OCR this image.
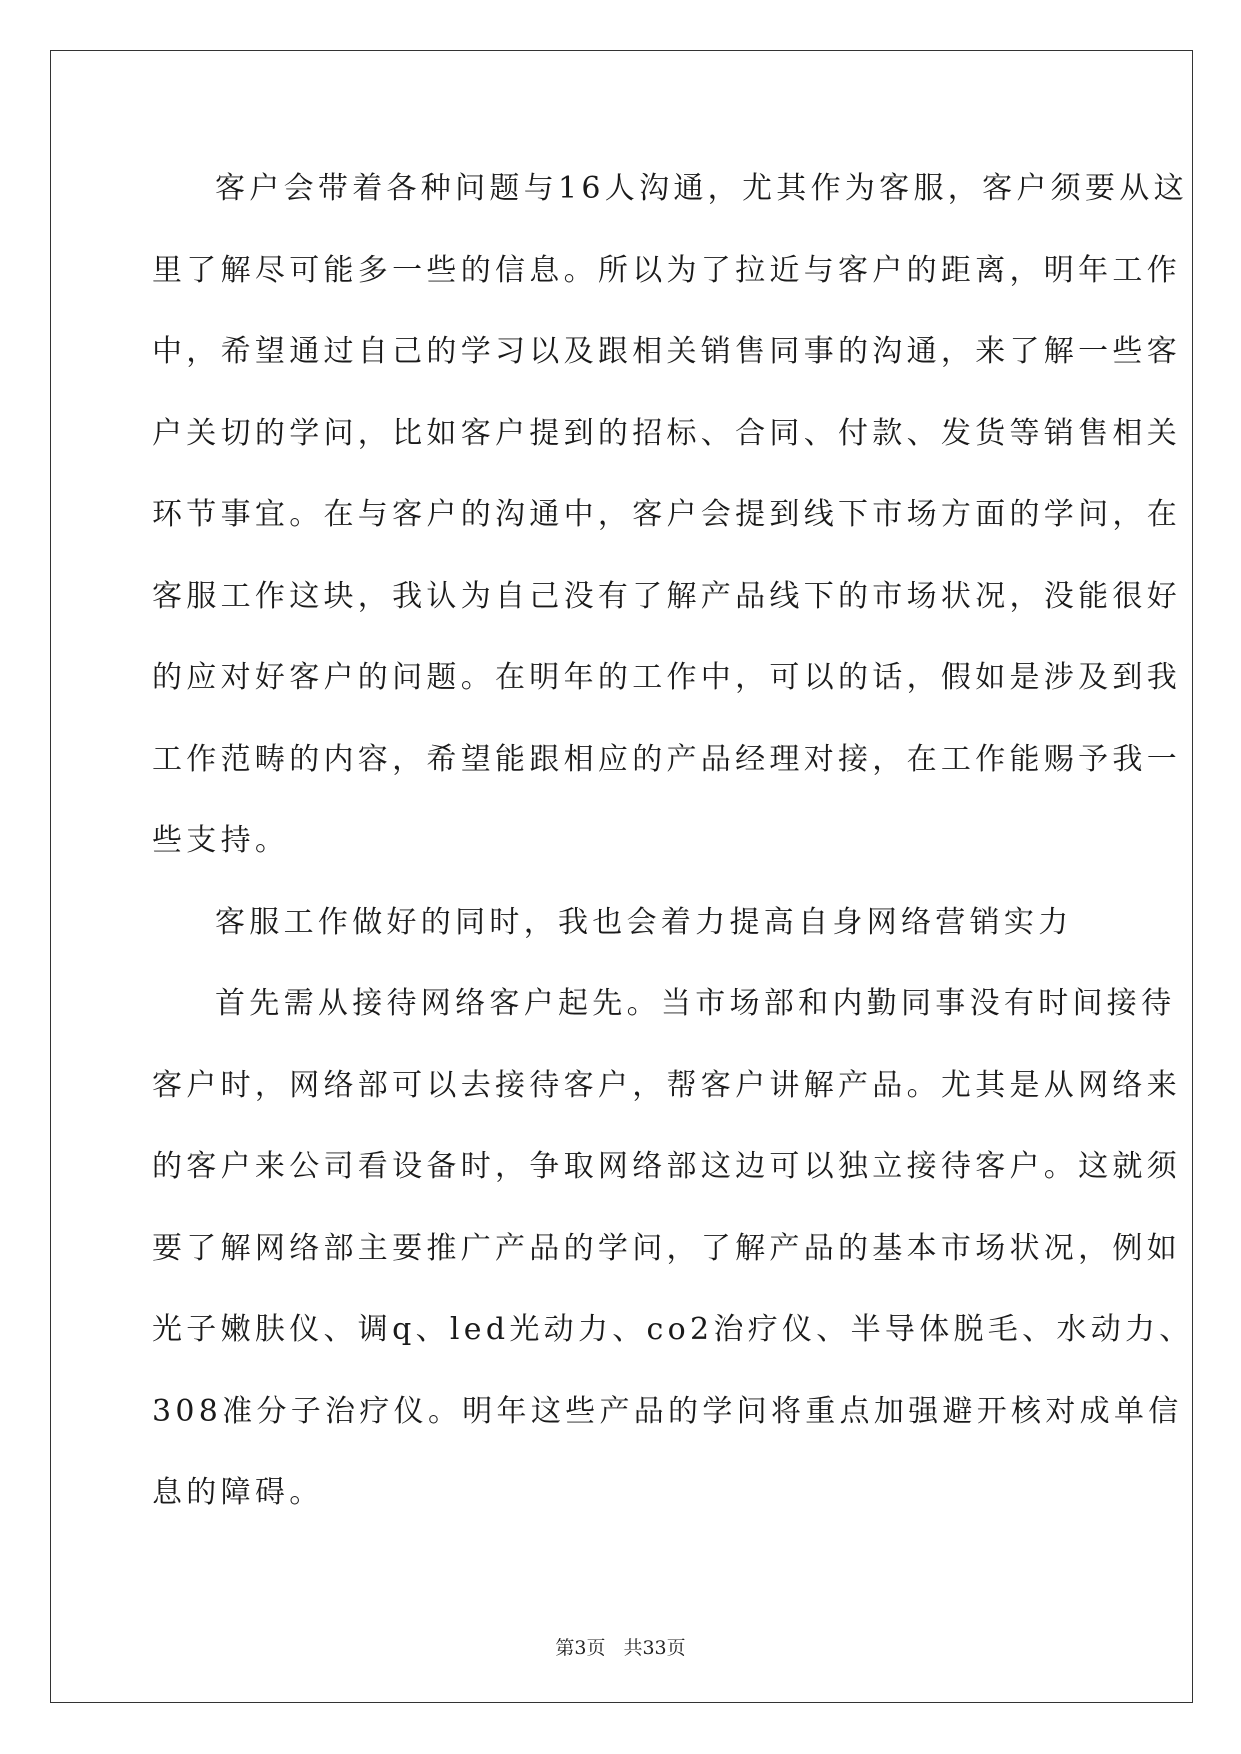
客户会带着各种问题与16人沟通，尤其作为客服，客户须要从这
里了解尽可能多一些的信息。所以为了拉近与客户的距离，明年工作
中，希望通过自己的学习以及跟相关销售同事的沟通，来了解一些客
户关切的学问，比如客户提到的招标、合同、付款、发货等销售相关
环节事宜。在与客户的沟通中，客户会提到线下市场方面的学问，在
客服工作这块，我认为自己没有了解产品线下的市场状况，没能很好
的应对好客户的问题。在明年的工作中，可以的话，假如是涉及到我
工作范畴的内容，希望能跟相应的产品经理对接，在工作能赐予我一
些支持。
客服工作做好的同时，我也会着力提高自身网络营销实力
首先需从接待网络客户起先。当市场部和内勤同事没有时间接待
客户时，网络部可以去接待客户，帮客户讲解产品。尤其是从网络来
的客户来公司看设备时，争取网络部这边可以独立接待客户。这就须
要了解网络部主要推广产品的学问，了解产品的基本市场状况，例如
光子嫩肤仪、调q、led光动力、co2治疗仪、半导体脱毛、水动力、
308准分子治疗仪。明年这些产品的学问将重点加强避开核对成单信
息的障碍。
第3页 共33页
